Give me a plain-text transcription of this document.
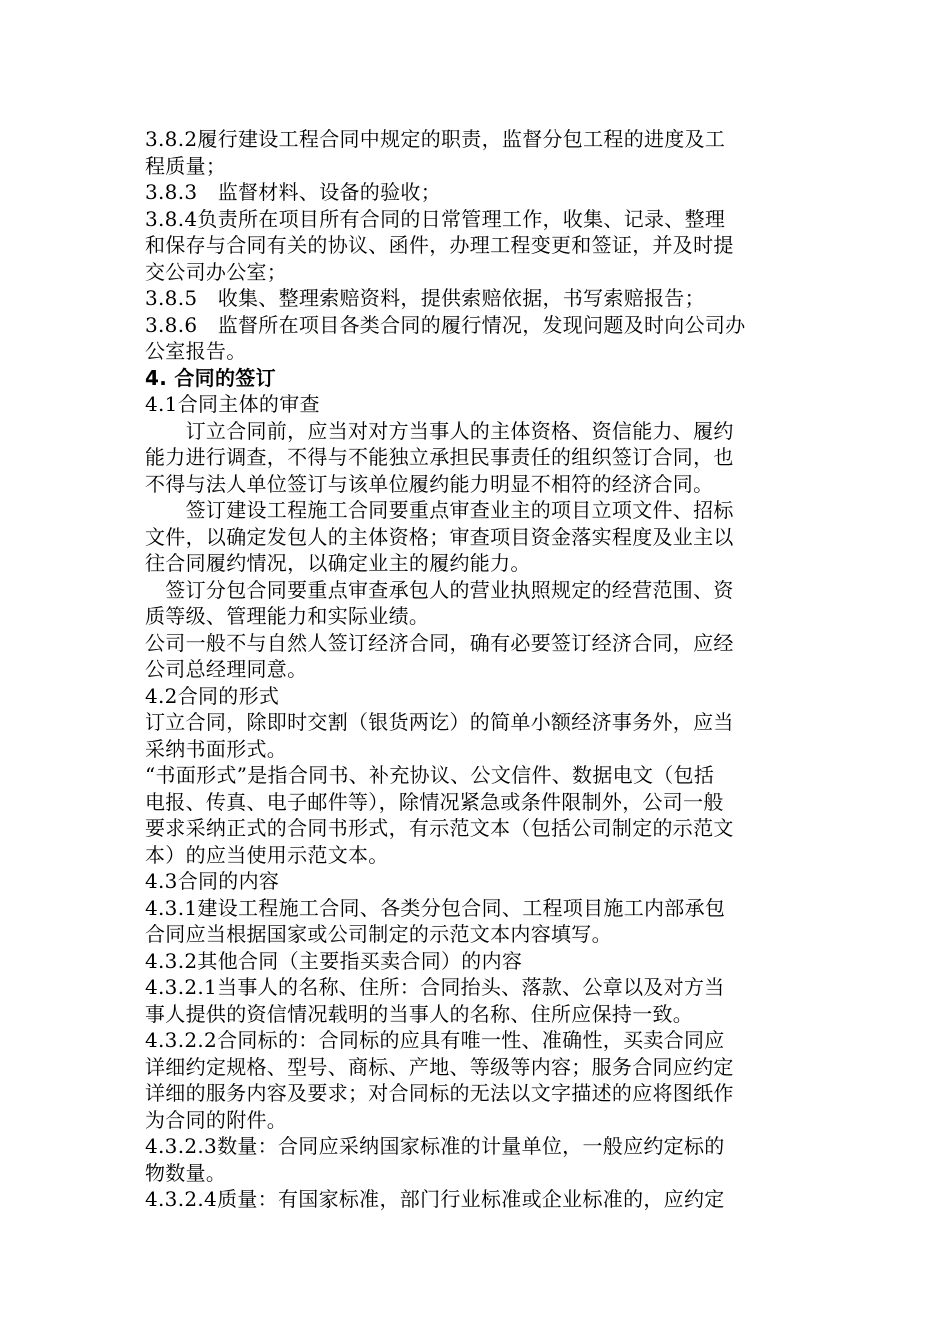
3.8.2履行建设工程合同中规定的职责，监督分包工程的进度及工
程质量；
3.8.3　监督材料、设备的验收；
3.8.4负责所在项目所有合同的日常管理工作，收集、记录、整理
和保存与合同有关的协议、函件，办理工程变更和签证，并及时提
交公司办公室；
3.8.5　收集、整理索赔资料，提供索赔依据，书写索赔报告；
3.8.6　监督所在项目各类合同的履行情况，发现问题及时向公司办
公室报告。
4. 合同的签订
4.1合同主体的审查
　　订立合同前，应当对对方当事人的主体资格、资信能力、履约
能力进行调查，不得与不能独立承担民事责任的组织签订合同，也
不得与法人单位签订与该单位履约能力明显不相符的经济合同。
　　签订建设工程施工合同要重点审查业主的项目立项文件、招标
文件，以确定发包人的主体资格；审查项目资金落实程度及业主以
往合同履约情况，以确定业主的履约能力。
　签订分包合同要重点审查承包人的营业执照规定的经营范围、资
质等级、管理能力和实际业绩。
公司一般不与自然人签订经济合同，确有必要签订经济合同，应经
公司总经理同意。
4.2合同的形式
订立合同，除即时交割（银货两讫）的简单小额经济事务外，应当
采纳书面形式。
“书面形式”是指合同书、补充协议、公文信件、数据电文（包括
电报、传真、电子邮件等），除情况紧急或条件限制外，公司一般
要求采纳正式的合同书形式，有示范文本（包括公司制定的示范文
本）的应当使用示范文本。
4.3合同的内容
4.3.1建设工程施工合同、各类分包合同、工程项目施工内部承包
合同应当根据国家或公司制定的示范文本内容填写。
4.3.2其他合同（主要指买卖合同）的内容
4.3.2.1当事人的名称、住所：合同抬头、落款、公章以及对方当
事人提供的资信情况载明的当事人的名称、住所应保持一致。
4.3.2.2合同标的：合同标的应具有唯一性、准确性，买卖合同应
详细约定规格、型号、商标、产地、等级等内容；服务合同应约定
详细的服务内容及要求；对合同标的无法以文字描述的应将图纸作
为合同的附件。
4.3.2.3数量：合同应采纳国家标准的计量单位，一般应约定标的
物数量。
4.3.2.4质量：有国家标准，部门行业标准或企业标准的，应约定
